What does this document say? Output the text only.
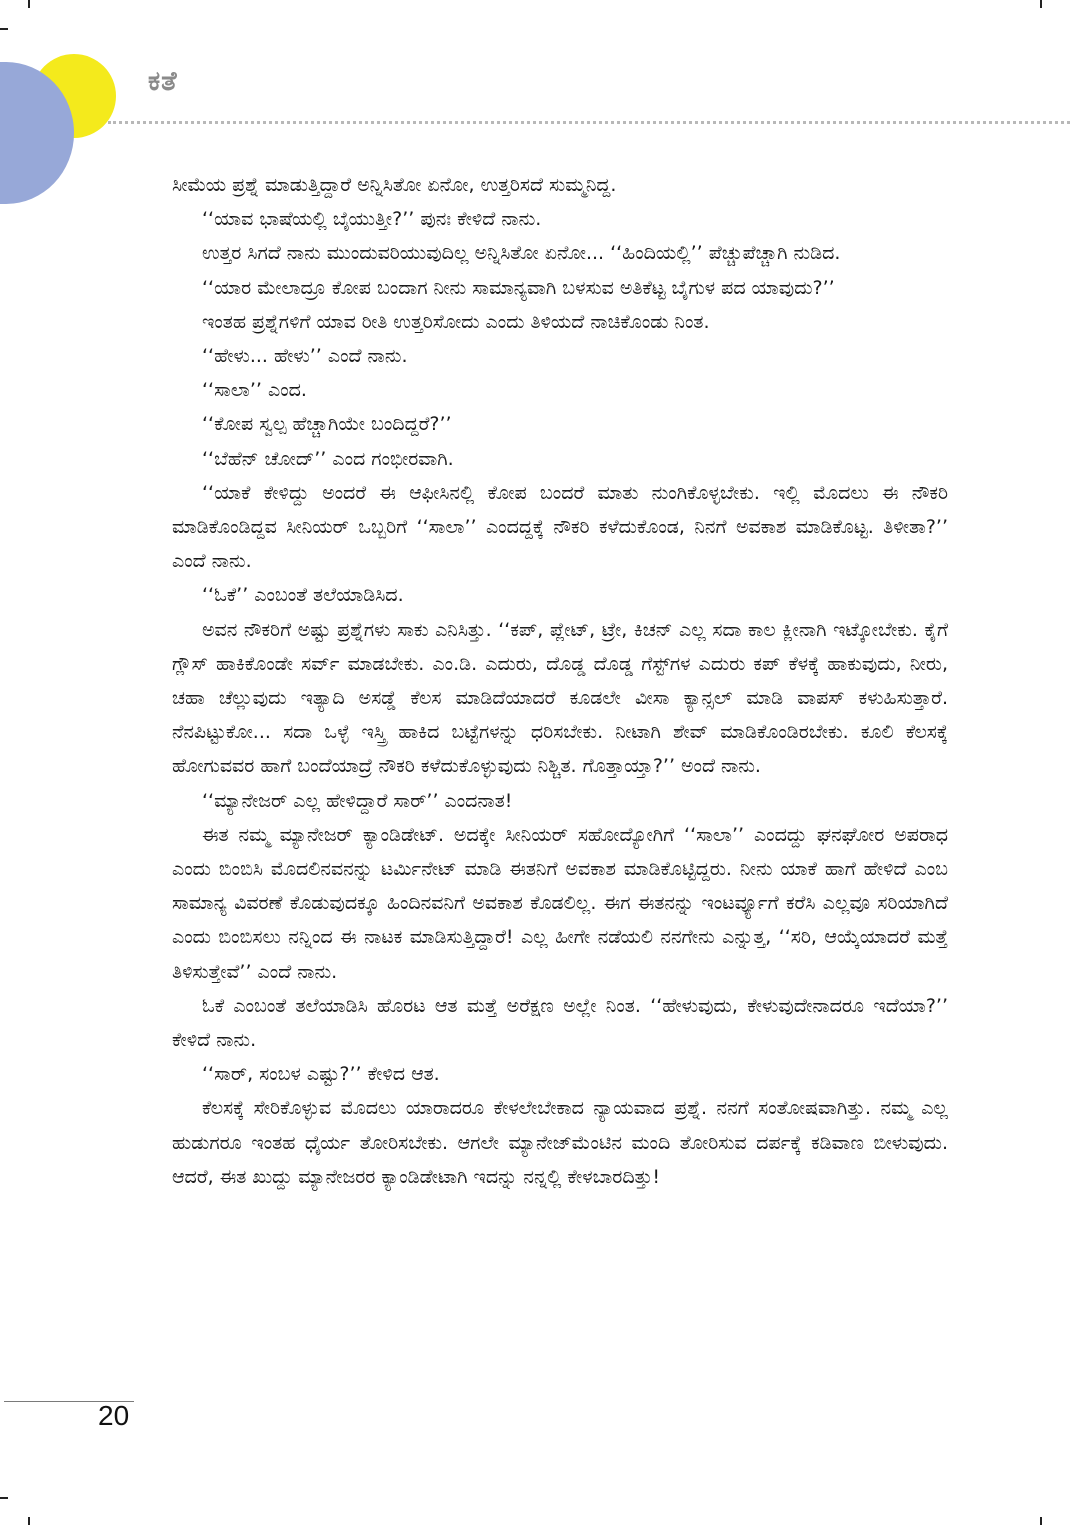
ಕತೆ

ಸೀಮೆಯ ಪ್ರಶ್ನೆ ಮಾಡುತ್ತಿದ್ದಾರೆ ಅನ್ನಿಸಿತೋ ಏನೋ, ಉತ್ತರಿಸದೆ ಸುಮ್ಮನಿದ್ದ.

‘‘ಯಾವ ಭಾಷೆಯಲ್ಲಿ ಬೈಯುತ್ತೀ?’’ ಪುನಃ ಕೇಳಿದೆ ನಾನು.

ಉತ್ತರ ಸಿಗದೆ ನಾನು ಮುಂದುವರಿಯುವುದಿಲ್ಲ ಅನ್ನಿಸಿತೋ ಏನೋ... ‘‘ಹಿಂದಿಯಲ್ಲಿ’’ ಪೆಚ್ಚುಪೆಚ್ಚಾಗಿ ನುಡಿದ.

‘‘ಯಾರ ಮೇಲಾದ್ರೂ ಕೋಪ ಬಂದಾಗ ನೀನು ಸಾಮಾನ್ಯವಾಗಿ ಬಳಸುವ ಅತಿಕೆಟ್ಟ ಬೈಗುಳ ಪದ ಯಾವುದು?’’

ಇಂತಹ ಪ್ರಶ್ನೆಗಳಿಗೆ ಯಾವ ರೀತಿ ಉತ್ತರಿಸೋದು ಎಂದು ತಿಳಿಯದೆ ನಾಚಿಕೊಂಡು ನಿಂತ.

‘‘ಹೇಳು... ಹೇಳು’’ ಎಂದೆ ನಾನು.

‘‘ಸಾಲಾ’’ ಎಂದ.

‘‘ಕೋಪ ಸ್ವಲ್ಪ ಹೆಚ್ಚಾಗಿಯೇ ಬಂದಿದ್ದರೆ?’’

‘‘ಬೆಹೆನ್ ಚೋದ್’’ ಎಂದ ಗಂಭೀರವಾಗಿ.

‘‘ಯಾಕೆ ಕೇಳಿದ್ದು ಅಂದರೆ ಈ ಆಫೀಸಿನಲ್ಲಿ ಕೋಪ ಬಂದರೆ ಮಾತು ನುಂಗಿಕೊಳ್ಳಬೇಕು. ಇಲ್ಲಿ ಮೊದಲು ಈ ನೌಕರಿ ಮಾಡಿಕೊಂಡಿದ್ದವ ಸೀನಿಯರ್ ಒಬ್ಬರಿಗೆ ‘‘ಸಾಲಾ’’ ಎಂದದ್ದಕ್ಕೆ ನೌಕರಿ ಕಳೆದುಕೊಂಡ, ನಿನಗೆ ಅವಕಾಶ ಮಾಡಿಕೊಟ್ಟ. ತಿಳೀತಾ?’’ ಎಂದೆ ನಾನು.

‘‘ಓಕೆ’’ ಎಂಬಂತೆ ತಲೆಯಾಡಿಸಿದ.

ಅವನ ನೌಕರಿಗೆ ಅಷ್ಟು ಪ್ರಶ್ನೆಗಳು ಸಾಕು ಎನಿಸಿತ್ತು. ‘‘ಕಪ್, ಪ್ಲೇಟ್, ಟ್ರೇ, ಕಿಚನ್ ಎಲ್ಲ ಸದಾ ಕಾಲ ಕ್ಲೀನಾಗಿ ಇಟ್ಕೋಬೇಕು. ಕೈಗೆ ಗ್ಲೌಸ್ ಹಾಕಿಕೊಂಡೇ ಸರ್ವ್ ಮಾಡಬೇಕು. ಎಂ.ಡಿ. ಎದುರು, ದೊಡ್ಡ ದೊಡ್ಡ ಗೆಸ್ಟ್‌ಗಳ ಎದುರು ಕಪ್ ಕೆಳಕ್ಕೆ ಹಾಕುವುದು, ನೀರು, ಚಹಾ ಚೆಲ್ಲುವುದು ಇತ್ಯಾದಿ ಅಸಡ್ಡೆ ಕೆಲಸ ಮಾಡಿದೆಯಾದರೆ ಕೂಡಲೇ ವೀಸಾ ಕ್ಯಾನ್ಸಲ್ ಮಾಡಿ ವಾಪಸ್ ಕಳುಹಿಸುತ್ತಾರೆ. ನೆನಪಿಟ್ಟುಕೋ... ಸದಾ ಒಳ್ಳೆ ಇಸ್ತ್ರಿ ಹಾಕಿದ ಬಟ್ಟೆಗಳನ್ನು ಧರಿಸಬೇಕು. ನೀಟಾಗಿ ಶೇವ್ ಮಾಡಿಕೊಂಡಿರಬೇಕು. ಕೂಲಿ ಕೆಲಸಕ್ಕೆ ಹೋಗುವವರ ಹಾಗೆ ಬಂದೆಯಾದ್ರೆ ನೌಕರಿ ಕಳೆದುಕೊಳ್ಳುವುದು ನಿಶ್ಚಿತ. ಗೊತ್ತಾಯ್ತಾ?’’ ಅಂದೆ ನಾನು.

‘‘ಮ್ಯಾನೇಜರ್ ಎಲ್ಲ ಹೇಳಿದ್ದಾರೆ ಸಾರ್’’ ಎಂದನಾತ!

ಈತ ನಮ್ಮ ಮ್ಯಾನೇಜರ್ ಕ್ಯಾಂಡಿಡೇಟ್. ಅದಕ್ಕೇ ಸೀನಿಯರ್ ಸಹೋದ್ಯೋಗಿಗೆ ‘‘ಸಾಲಾ’’ ಎಂದದ್ದು ಘನಘೋರ ಅಪರಾಧ ಎಂದು ಬಿಂಬಿಸಿ ಮೊದಲಿನವನನ್ನು ಟರ್ಮಿನೇಟ್ ಮಾಡಿ ಈತನಿಗೆ ಅವಕಾಶ ಮಾಡಿಕೊಟ್ಟಿದ್ದರು. ನೀನು ಯಾಕೆ ಹಾಗೆ ಹೇಳಿದೆ ಎಂಬ ಸಾಮಾನ್ಯ ವಿವರಣೆ ಕೊಡುವುದಕ್ಕೂ ಹಿಂದಿನವನಿಗೆ ಅವಕಾಶ ಕೊಡಲಿಲ್ಲ. ಈಗ ಈತನನ್ನು ಇಂಟರ್ವ್ಯೂಗೆ ಕರೆಸಿ ಎಲ್ಲವೂ ಸರಿಯಾಗಿದೆ ಎಂದು ಬಿಂಬಿಸಲು ನನ್ನಿಂದ ಈ ನಾಟಕ ಮಾಡಿಸುತ್ತಿದ್ದಾರೆ! ಎಲ್ಲ ಹೀಗೇ ನಡೆಯಲಿ ನನಗೇನು ಎನ್ನುತ್ತ, ‘‘ಸರಿ, ಆಯ್ಕೆಯಾದರೆ ಮತ್ತೆ ತಿಳಿಸುತ್ತೇವೆ’’ ಎಂದೆ ನಾನು.

ಓಕೆ ಎಂಬಂತೆ ತಲೆಯಾಡಿಸಿ ಹೊರಟ ಆತ ಮತ್ತೆ ಅರೆಕ್ಷಣ ಅಲ್ಲೇ ನಿಂತ. ‘‘ಹೇಳುವುದು, ಕೇಳುವುದೇನಾದರೂ ಇದೆಯಾ?’’ ಕೇಳಿದೆ ನಾನು.

‘‘ಸಾರ್, ಸಂಬಳ ಎಷ್ಟು?’’ ಕೇಳಿದ ಆತ.

ಕೆಲಸಕ್ಕೆ ಸೇರಿಕೊಳ್ಳುವ ಮೊದಲು ಯಾರಾದರೂ ಕೇಳಲೇಬೇಕಾದ ನ್ಯಾಯವಾದ ಪ್ರಶ್ನೆ. ನನಗೆ ಸಂತೋಷವಾಗಿತ್ತು. ನಮ್ಮ ಎಲ್ಲ ಹುಡುಗರೂ ಇಂತಹ ಧೈರ್ಯ ತೋರಿಸಬೇಕು. ಆಗಲೇ ಮ್ಯಾನೇಜ್‌ಮೆಂಟಿನ ಮಂದಿ ತೋರಿಸುವ ದರ್ಪಕ್ಕೆ ಕಡಿವಾಣ ಬೀಳುವುದು. ಆದರೆ, ಈತ ಖುದ್ದು ಮ್ಯಾನೇಜರರ ಕ್ಯಾಂಡಿಡೇಟಾಗಿ ಇದನ್ನು ನನ್ನಲ್ಲಿ ಕೇಳಬಾರದಿತ್ತು!

20
